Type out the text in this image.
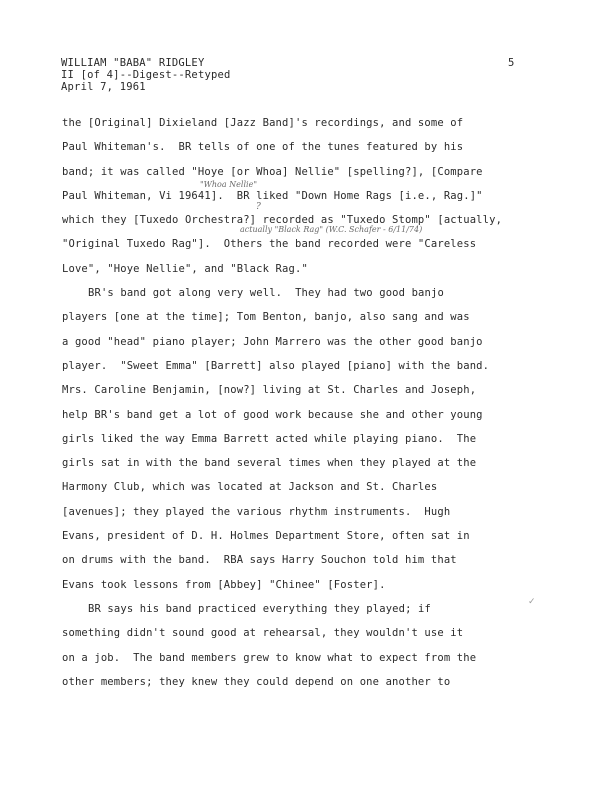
WILLIAM "BABA" RIDGLEY
II [of 4]--Digest--Retyped
April 7, 1961
5
the [Original] Dixieland [Jazz Band]'s recordings, and some of
Paul Whiteman's.  BR tells of one of the tunes featured by his
band; it was called "Hoye [or Whoa] Nellie" [spelling?], [Compare
Paul Whiteman, Vi 19641].  BR liked "Down Home Rags [i.e., Rag.]"
which they [Tuxedo Orchestra?] recorded as "Tuxedo Stomp" [actually,
"Original Tuxedo Rag"].  Others the band recorded were "Careless
Love", "Hoye Nellie", and "Black Rag."
BR's band got along very well.  They had two good banjo
players [one at the time]; Tom Benton, banjo, also sang and was
a good "head" piano player; John Marrero was the other good banjo
player.  "Sweet Emma" [Barrett] also played [piano] with the band.
Mrs. Caroline Benjamin, [now?] living at St. Charles and Joseph,
help BR's band get a lot of good work because she and other young
girls liked the way Emma Barrett acted while playing piano.  The
girls sat in with the band several times when they played at the
Harmony Club, which was located at Jackson and St. Charles
[avenues]; they played the various rhythm instruments.  Hugh
Evans, president of D. H. Holmes Department Store, often sat in
on drums with the band.  RBA says Harry Souchon told him that
Evans took lessons from [Abbey] "Chinee" [Foster].
BR says his band practiced everything they played; if
something didn't sound good at rehearsal, they wouldn't use it
on a job.  The band members grew to know what to expect from the
other members; they knew they could depend on one another to
"Whoa Nellie"
?
actually "Black Rag" (W.C. Schafer - 6/11/74)
✓
